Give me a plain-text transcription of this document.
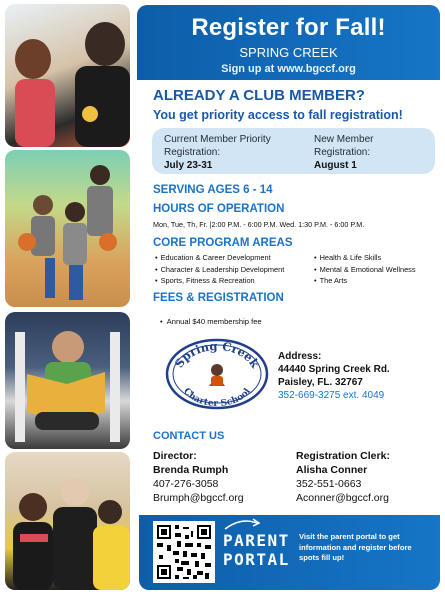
Register for Fall!
SPRING CREEK
Sign up at www.bgccf.org
ALREADY A CLUB MEMBER?
You get priority access to fall registration!
Current Member Priority
Registration:
July 23-31
New Member
Registration:
August 1
SERVING AGES 6 - 14
HOURS OF OPERATION
Mon, Tue, Th, Fr. |2:00 P.M. - 6:00 P.M. Wed. 1:30 P.M. - 6:00 P.M.
CORE PROGRAM AREAS
• Education & Career Development
• Character & Leadership Development
• Sports, Fitness & Recreation
• Health & Life Skills
• Mental & Emotional Wellness
• The Arts
FEES & REGISTRATION
• Annual $40 membership fee
Spring Creek
Charter School
Address:
44440 Spring Creek Rd.
Paisley, FL. 32767
352-669-3275 ext. 4049
CONTACT US
Director:
Brenda Rumph
407-276-3058
Brumph@bgccf.org
Registration Clerk:
Alisha Conner
352-551-0663
Aconner@bgccf.org
PARENT
PORTAL
Visit the parent portal to get information and register before spots fill up!
